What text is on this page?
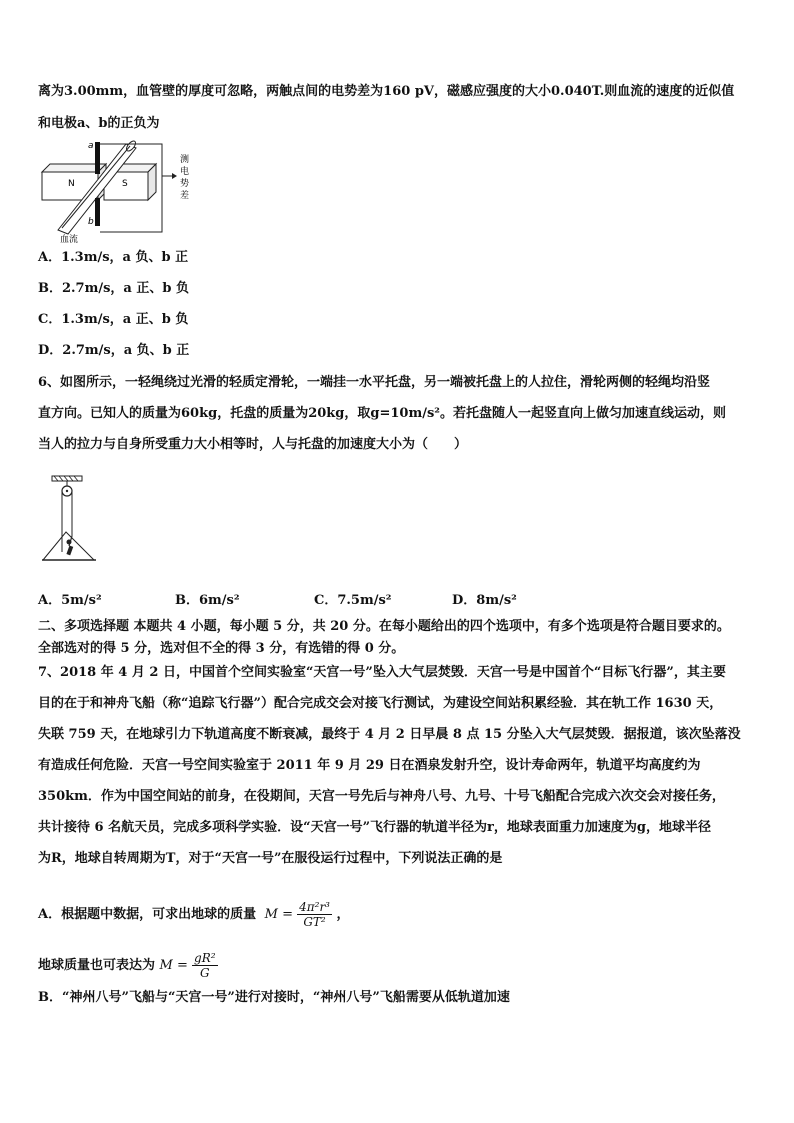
离为3.00mm，血管壁的厚度可忽略，两触点间的电势差为160 pV，磁感应强度的大小0.040T.则血流的速度的近似值
和电极a、b的正负为
a
b
N	S
测
电
势
差
血流
A．1.3m/s，a 负、b 正
B．2.7m/s，a 正、b 负
C．1.3m/s，a 正、b 负
D．2.7m/s，a 负、b 正
6、如图所示，一轻绳绕过光滑的轻质定滑轮，一端挂一水平托盘，另一端被托盘上的人拉住，滑轮两侧的轻绳均沿竖
直方向。已知人的质量为60kg，托盘的质量为20kg，取g=10m/s²。若托盘随人一起竖直向上做匀加速直线运动，则
当人的拉力与自身所受重力大小相等时，人与托盘的加速度大小为（　　）
A．5m/s²	B．6m/s²	C．7.5m/s²	D．8m/s²
二、多项选择题 本题共 4 小题，每小题 5 分，共 20 分。在每小题给出的四个选项中，有多个选项是符合题目要求的。
全部选对的得 5 分，选对但不全的得 3 分，有选错的得 0 分。
7、2018 年 4 月 2 日，中国首个空间实验室“天宫一号”坠入大气层焚毁．天宫一号是中国首个“目标飞行器”，其主要
目的在于和神舟飞船（称“追踪飞行器”）配合完成交会对接飞行测试，为建设空间站积累经验．其在轨工作 1630 天，
失联 759 天，在地球引力下轨道高度不断衰减，最终于 4 月 2 日早晨 8 点 15 分坠入大气层焚毁．据报道，该次坠落没
有造成任何危险．天宫一号空间实验室于 2011 年 9 月 29 日在酒泉发射升空，设计寿命两年，轨道平均高度约为
350km．作为中国空间站的前身，在役期间，天宫一号先后与神舟八号、九号、十号飞船配合完成六次交会对接任务，
共计接待 6 名航天员，完成多项科学实验．设“天宫一号”飞行器的轨道半径为r，地球表面重力加速度为g，地球半径
为R，地球自转周期为T，对于“天宫一号”在服役运行过程中，下列说法正确的是
A．根据题中数据，可求出地球的质量 $M = \frac{\text{4π²r³}}{\text{GT²}}$ ，
地球质量也可表达为 $M = \frac{\text{gR²}}{G}$
B．“神州八号”飞船与“天宫一号”进行对接时，“神州八号”飞船需要从低轨道加速
